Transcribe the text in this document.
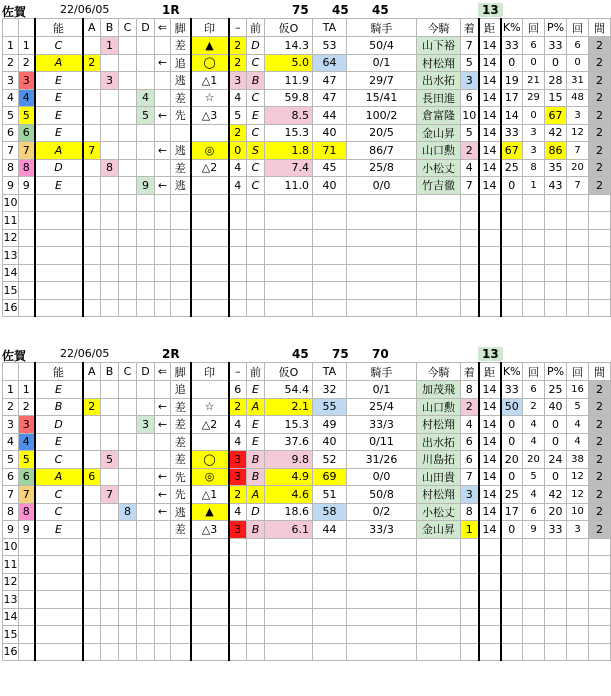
佐賀	22/06/05	1R	75 45 45	13
		能	A	B	C	D	⇐	脚	印	–	前	仮O	TA	騎手	今騎	着	距	K%	回	P%	回	間
1	1	C		1				差	▲	2	D	14.3	53	50/4	山下裕	7	14	33	6	33	6	2
2	2	A	2				←	追	◯	2	C	5.0	64	0/1	村松翔	5	14	0	0	0	0	2
3	3	E		3				逃	△1	3	B	11.9	47	29/7	出水拓	3	14	19	21	28	31	2
4	4	E				4		差	☆	4	C	59.8	47	15/41	長田進	6	14	17	29	15	48	2
5	5	E				5	←	先	△3	5	E	8.5	44	100/2	倉富隆	10	14	14	0	67	3	2
6	6	E								2	C	15.3	40	20/5	金山昇	5	14	33	3	42	12	2
7	7	A	7				←	逃	◎	0	S	1.8	71	86/7	山口勲	2	14	67	3	86	7	2
8	8	D		8				差	△2	4	C	7.4	45	25/8	小松丈	4	14	25	8	35	20	2
9	9	E				9	←	逃		4	C	11.0	40	0/0	竹吉徹	7	14	0	1	43	7	2
10																						
11																						
12																						
13																						
14																						
15																						
16																						
佐賀	22/06/05	2R	45 75 70	13
		能	A	B	C	D	⇐	脚	印	–	前	仮O	TA	騎手	今騎	着	距	K%	回	P%	回	間
1	1	E						追		6	E	54.4	32	0/1	加茂飛	8	14	33	6	25	16	2
2	2	B	2				←	差	☆	2	A	2.1	55	25/4	山口勲	2	14	50	2	40	5	2
3	3	D				3	←	差	△2	4	E	15.3	49	33/3	村松翔	4	14	0	4	0	4	2
4	4	E						差		4	E	37.6	40	0/11	出水拓	6	14	0	4	0	4	2
5	5	C		5				差	◯	3	B	9.8	52	31/26	川島拓	6	14	20	20	24	38	2
6	6	A	6				←	先	◎	3	B	4.9	69	0/0	山田貴	7	14	0	5	0	12	2
7	7	C		7			←	先	△1	2	A	4.6	51	50/8	村松翔	3	14	25	4	42	12	2
8	8	C			8		←	逃	▲	4	D	18.6	58	0/2	小松丈	8	14	17	6	20	10	2
9	9	E						差	△3	3	B	6.1	44	33/3	金山昇	1	14	0	9	33	3	2
10																						
11																						
12																						
13																						
14																						
15																						
16																						
